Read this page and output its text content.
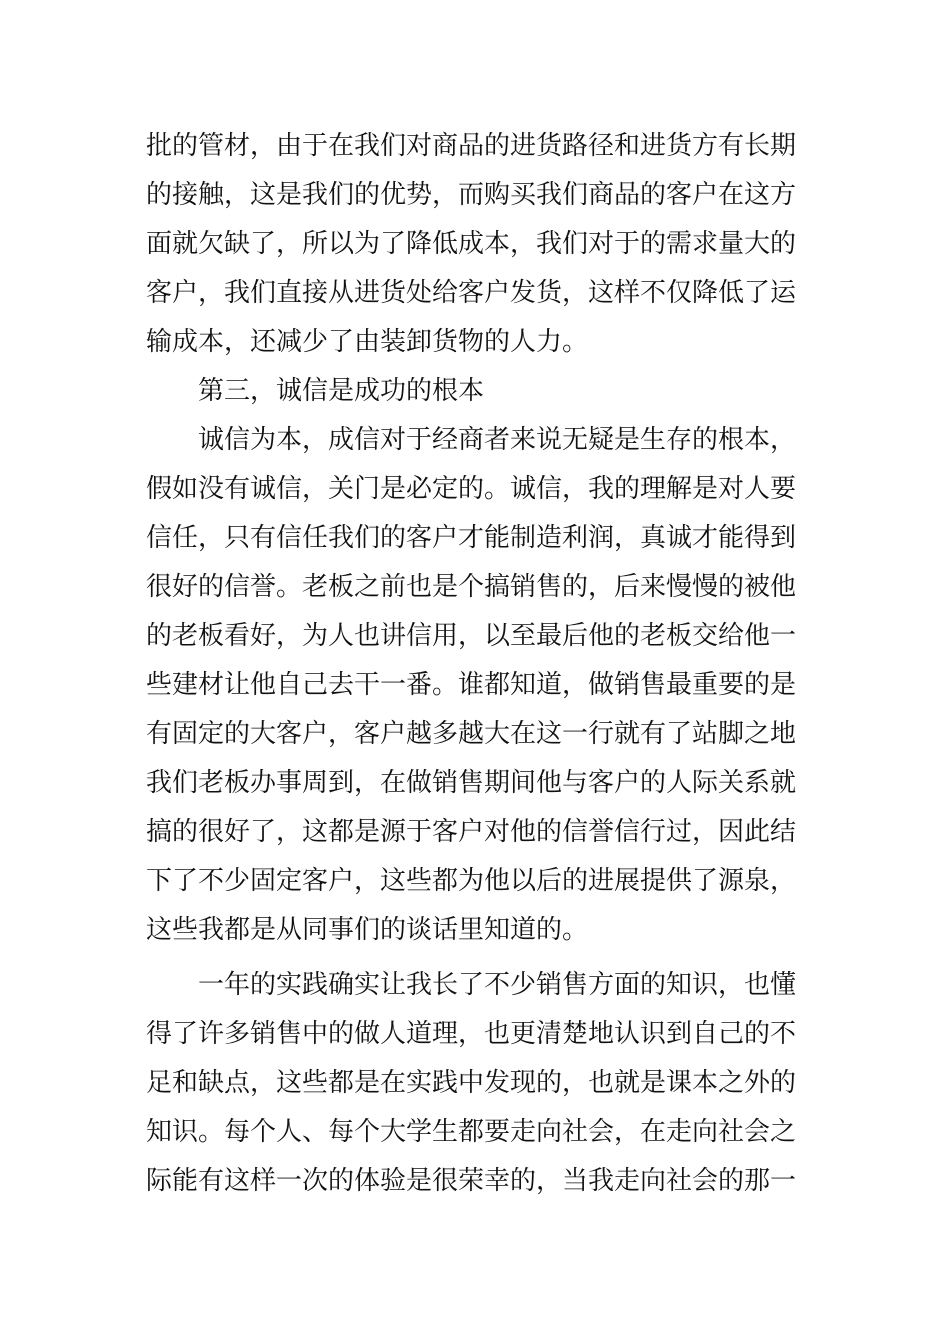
批的管材，由于在我们对商品的进货路径和进货方有长期
的接触，这是我们的优势，而购买我们商品的客户在这方
面就欠缺了，所以为了降低成本，我们对于的需求量大的
客户，我们直接从进货处给客户发货，这样不仅降低了运
输成本，还减少了由装卸货物的人力。
第三，诚信是成功的根本
诚信为本，成信对于经商者来说无疑是生存的根本，
假如没有诚信，关门是必定的。诚信，我的理解是对人要
信任，只有信任我们的客户才能制造利润，真诚才能得到
很好的信誉。老板之前也是个搞销售的，后来慢慢的被他
的老板看好，为人也讲信用，以至最后他的老板交给他一
些建材让他自己去干一番。谁都知道，做销售最重要的是
有固定的大客户，客户越多越大在这一行就有了站脚之地
我们老板办事周到，在做销售期间他与客户的人际关系就
搞的很好了，这都是源于客户对他的信誉信行过，因此结
下了不少固定客户，这些都为他以后的进展提供了源泉，
这些我都是从同事们的谈话里知道的。
一年的实践确实让我长了不少销售方面的知识，也懂
得了许多销售中的做人道理，也更清楚地认识到自己的不
足和缺点，这些都是在实践中发现的，也就是课本之外的
知识。每个人、每个大学生都要走向社会，在走向社会之
际能有这样一次的体验是很荣幸的，当我走向社会的那一
